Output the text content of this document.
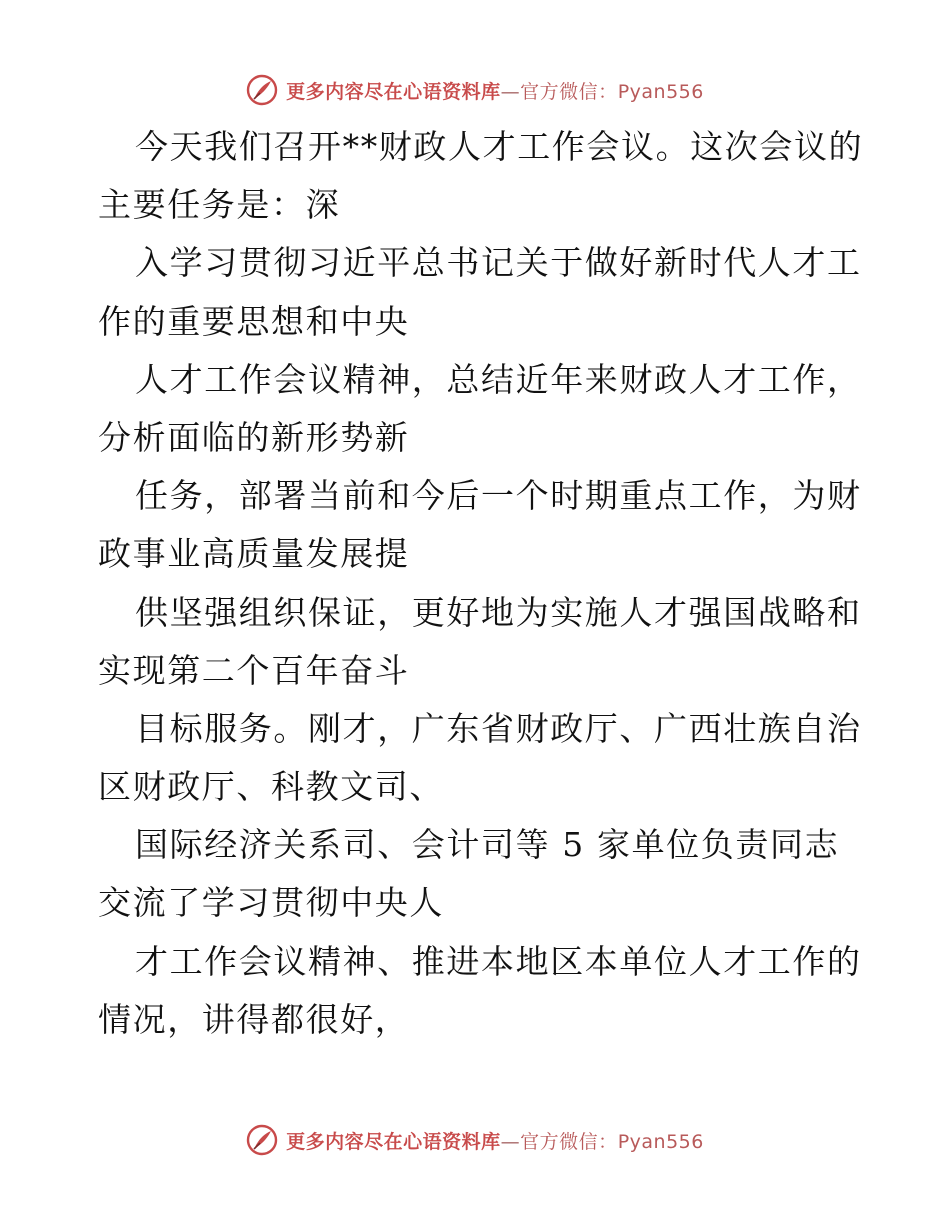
更多内容尽在心语资料库—官方微信：Pyan556
今天我们召开**财政人才工作会议。这次会议的
主要任务是：深
入学习贯彻习近平总书记关于做好新时代人才工
作的重要思想和中央
人才工作会议精神，总结近年来财政人才工作，
分析面临的新形势新
任务，部署当前和今后一个时期重点工作，为财
政事业高质量发展提
供坚强组织保证，更好地为实施人才强国战略和
实现第二个百年奋斗
目标服务。刚才，广东省财政厅、广西壮族自治
区财政厅、科教文司、
国际经济关系司、会计司等 5 家单位负责同志
交流了学习贯彻中央人
才工作会议精神、推进本地区本单位人才工作的
情况，讲得都很好，
更多内容尽在心语资料库—官方微信：Pyan556
